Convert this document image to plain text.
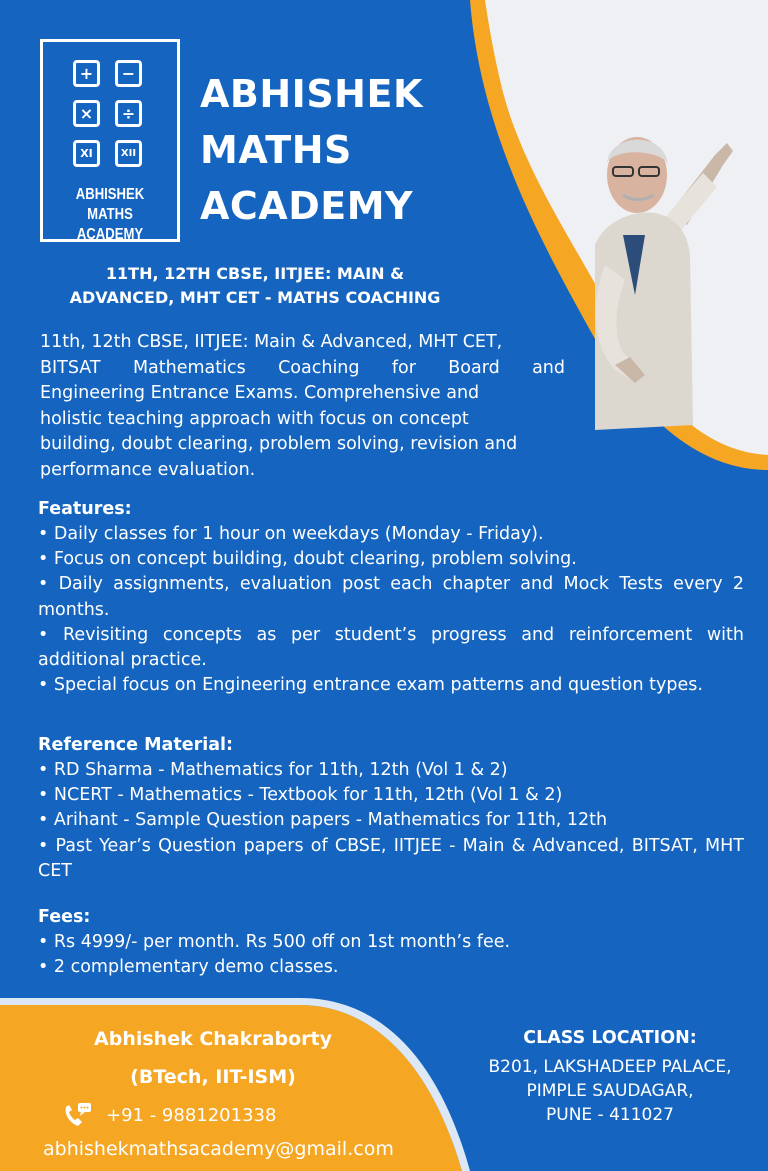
+	−
×	÷
XI	XII
ABHISHEK
MATHS ACADEMY
ABHISHEK
MATHS
ACADEMY
11TH, 12TH CBSE, IITJEE: MAIN &
ADVANCED, MHT CET - MATHS COACHING
11th, 12th CBSE, IITJEE: Main & Advanced, MHT CET,
BITSAT Mathematics Coaching for Board and
Engineering Entrance Exams. Comprehensive and
holistic teaching approach with focus on concept
building, doubt clearing, problem solving, revision and
performance evaluation.
Features:
• Daily classes for 1 hour on weekdays (Monday - Friday).
• Focus on concept building, doubt clearing, problem solving.
• Daily assignments, evaluation post each chapter and Mock Tests every 2 months.
• Revisiting concepts as per student’s progress and reinforcement with additional practice.
• Special focus on Engineering entrance exam patterns and question types.
Reference Material:
• RD Sharma - Mathematics for 11th, 12th (Vol 1 & 2)
• NCERT - Mathematics - Textbook for 11th, 12th (Vol 1 & 2)
• Arihant - Sample Question papers - Mathematics for 11th, 12th
• Past Year’s Question papers of CBSE, IITJEE - Main & Advanced, BITSAT, MHT CET
Fees:
• Rs 4999/- per month. Rs 500 off on 1st month’s fee.
• 2 complementary demo classes.
Abhishek Chakraborty
(BTech, IIT-ISM)
+91 - 9881201338
abhishekmathsacademy@gmail.com
CLASS LOCATION:
B201, LAKSHADEEP PALACE,
PIMPLE SAUDAGAR,
PUNE - 411027
